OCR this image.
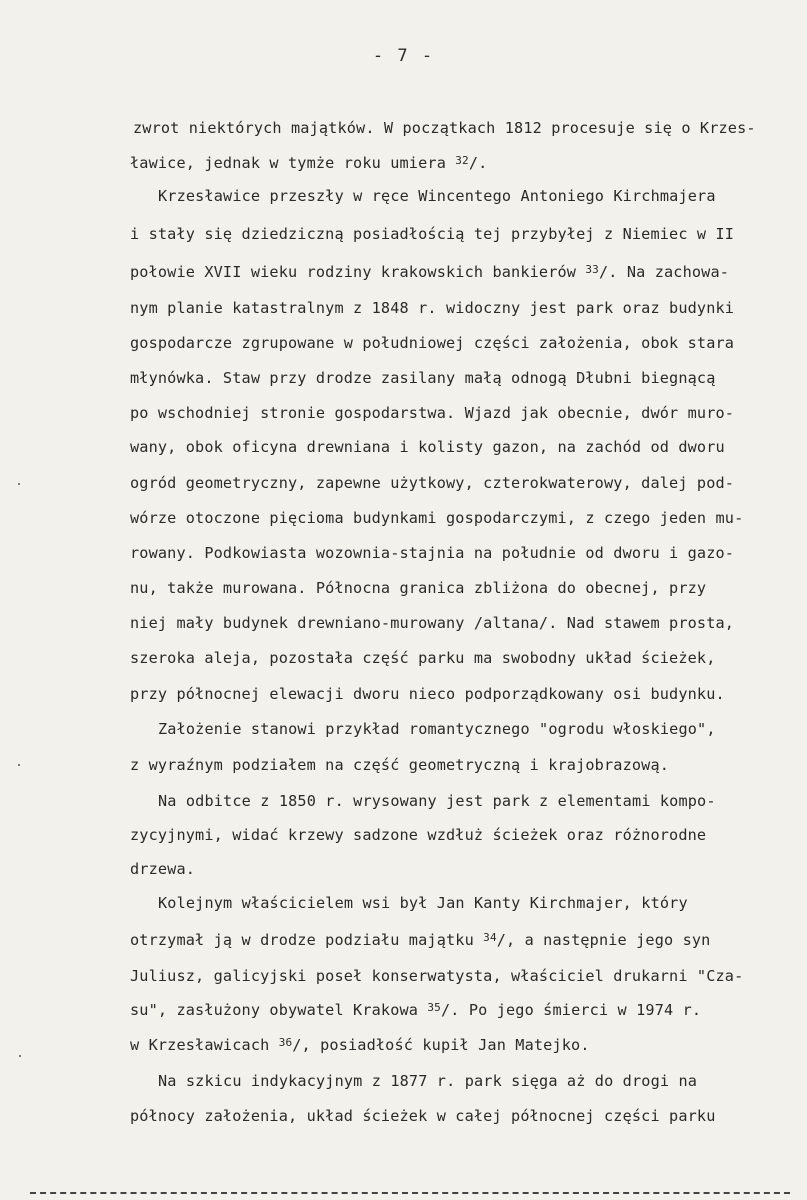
- 7 -
zwrot niektórych majątków. W początkach 1812 procesuje się o Krzes-
ławice, jednak w tymże roku umiera $^{32}$/.
Krzesławice przeszły w ręce Wincentego Antoniego Kirchmajera
i stały się dziedziczną posiadłością tej przybyłej z Niemiec w II
połowie XVII wieku rodziny krakowskich bankierów $^{33}$/. Na zachowa-
nym planie katastralnym z 1848 r. widoczny jest park oraz budynki
gospodarcze zgrupowane w południowej części założenia, obok stara
młynówka. Staw przy drodze zasilany małą odnogą Dłubni biegnącą
po wschodniej stronie gospodarstwa. Wjazd jak obecnie, dwór muro-
wany, obok oficyna drewniana i kolisty gazon, na zachód od dworu
ogród geometryczny, zapewne użytkowy, czterokwaterowy, dalej pod-
wórze otoczone pięcioma budynkami gospodarczymi, z czego jeden mu-
rowany. Podkowiasta wozownia-stajnia na południe od dworu i gazo-
nu, także murowana. Północna granica zbliżona do obecnej, przy
niej mały budynek drewniano-murowany /altana/. Nad stawem prosta,
szeroka aleja, pozostała część parku ma swobodny układ ścieżek,
przy północnej elewacji dworu nieco podporządkowany osi budynku.
Założenie stanowi przykład romantycznego "ogrodu włoskiego",
z wyraźnym podziałem na część geometryczną i krajobrazową.
Na odbitce z 1850 r. wrysowany jest park z elementami kompo-
zycyjnymi, widać krzewy sadzone wzdłuż ścieżek oraz różnorodne
drzewa.
Kolejnym właścicielem wsi był Jan Kanty Kirchmajer, który
otrzymał ją w drodze podziału majątku $^{34}$/, a następnie jego syn
Juliusz, galicyjski poseł konserwatysta, właściciel drukarni "Cza-
su", zasłużony obywatel Krakowa $^{35}$/. Po jego śmierci w 1974 r.
w Krzesławicach $^{36}$/, posiadłość kupił Jan Matejko.
Na szkicu indykacyjnym z 1877 r. park sięga aż do drogi na
północy założenia, układ ścieżek w całej północnej części parku
